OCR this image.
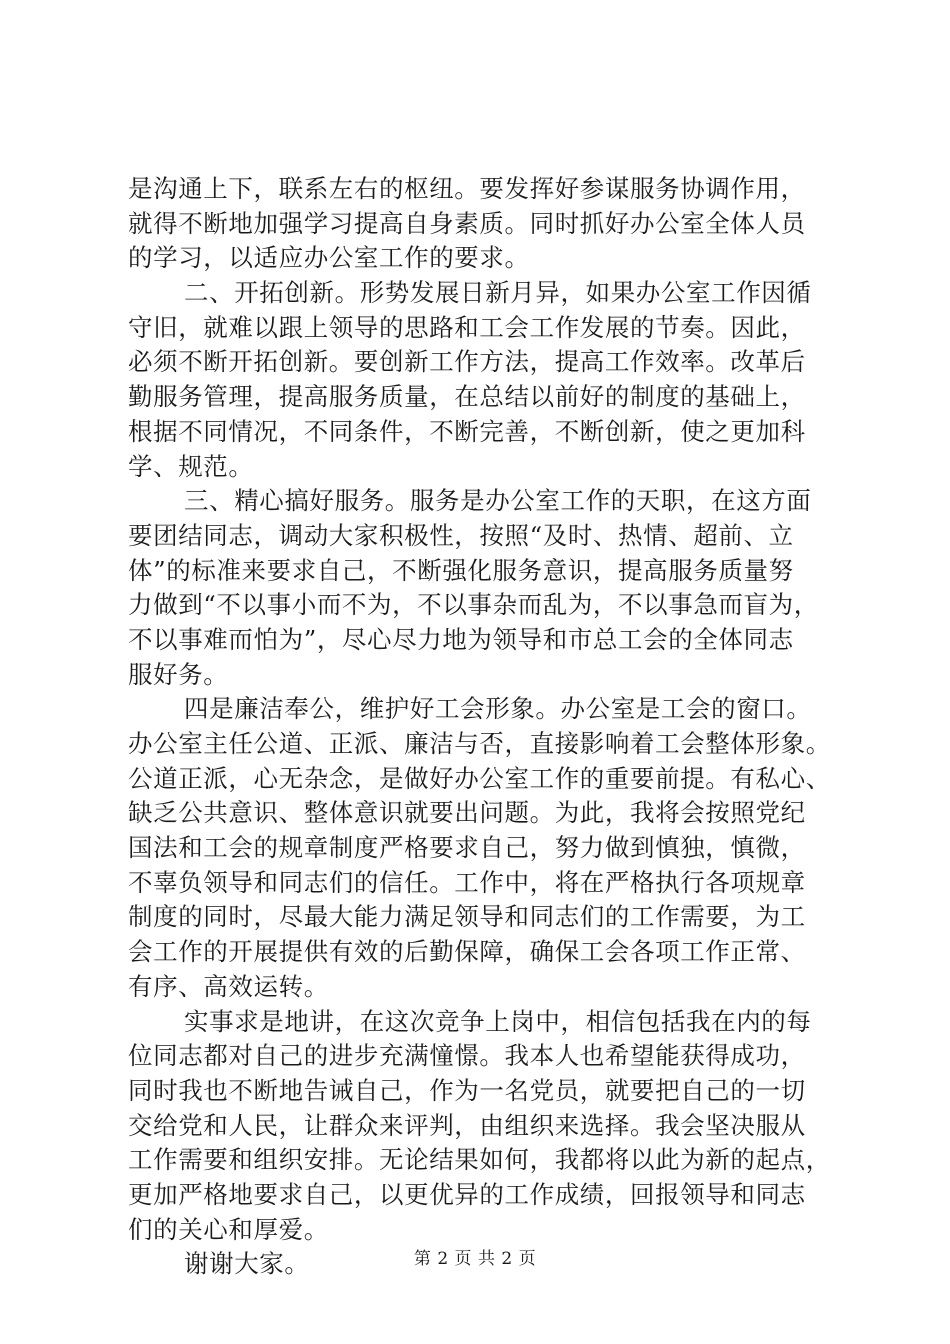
是沟通上下，联系左右的枢纽。要发挥好参谋服务协调作用，
就得不断地加强学习提高自身素质。同时抓好办公室全体人员
的学习，以适应办公室工作的要求。
二、开拓创新。形势发展日新月异，如果办公室工作因循
守旧，就难以跟上领导的思路和工会工作发展的节奏。因此，
必须不断开拓创新。要创新工作方法，提高工作效率。改革后
勤服务管理，提高服务质量，在总结以前好的制度的基础上，
根据不同情况，不同条件，不断完善，不断创新，使之更加科
学、规范。
三、精心搞好服务。服务是办公室工作的天职，在这方面
要团结同志，调动大家积极性，按照“及时、热情、超前、立
体”的标准来要求自己，不断强化服务意识，提高服务质量努
力做到“不以事小而不为，不以事杂而乱为，不以事急而盲为，
不以事难而怕为”，尽心尽力地为领导和市总工会的全体同志
服好务。
四是廉洁奉公，维护好工会形象。办公室是工会的窗口。
办公室主任公道、正派、廉洁与否，直接影响着工会整体形象。
公道正派，心无杂念，是做好办公室工作的重要前提。有私心、
缺乏公共意识、整体意识就要出问题。为此，我将会按照党纪
国法和工会的规章制度严格要求自己，努力做到慎独，慎微，
不辜负领导和同志们的信任。工作中，将在严格执行各项规章
制度的同时，尽最大能力满足领导和同志们的工作需要，为工
会工作的开展提供有效的后勤保障，确保工会各项工作正常、
有序、高效运转。
实事求是地讲，在这次竞争上岗中，相信包括我在内的每
位同志都对自己的进步充满憧憬。我本人也希望能获得成功，
同时我也不断地告诫自己，作为一名党员，就要把自己的一切
交给党和人民，让群众来评判，由组织来选择。我会坚决服从
工作需要和组织安排。无论结果如何，我都将以此为新的起点，
更加严格地要求自己，以更优异的工作成绩，回报领导和同志
们的关心和厚爱。
谢谢大家。	第 2 页 共 2 页
